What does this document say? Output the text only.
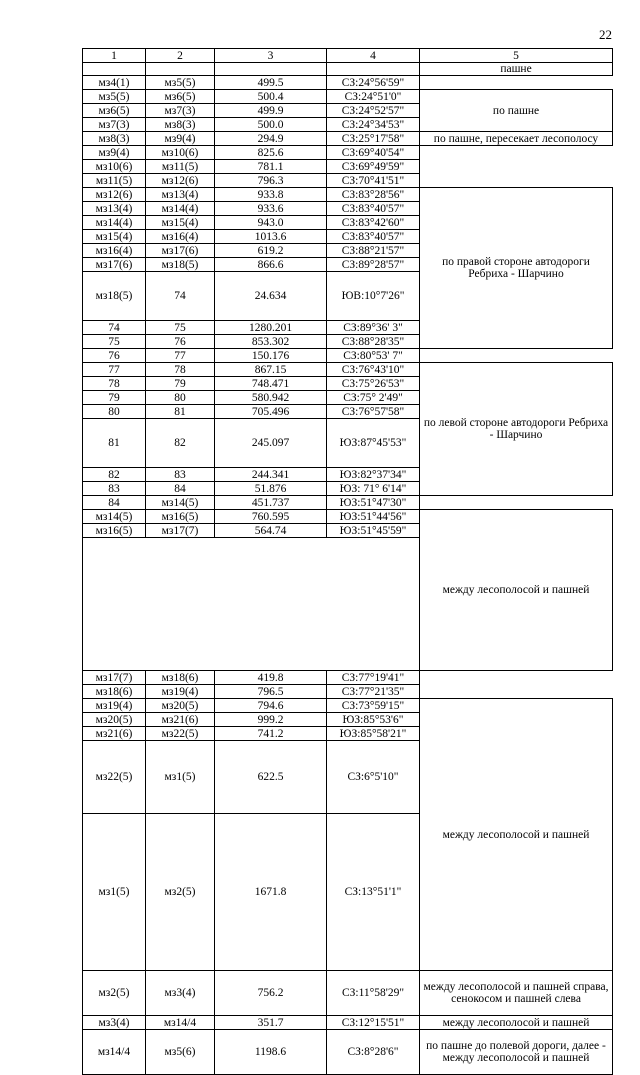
22
1	2	3	4	5	
				пашне	
мз4(1)	мз5(5)	499.5	СЗ:24°56'59"		
мз5(5)	мз6(5)	500.4	СЗ:24°51'0"	по пашне	
мз6(5)	мз7(3)	499.9	СЗ:24°52'57"		
мз7(3)	мз8(3)	500.0	СЗ:24°34'53"		
мз8(3)	мз9(4)	294.9	СЗ:25°17'58"	по пашне, пересекает лесополосу	
мз9(4)	мз10(6)	825.6	СЗ:69°40'54"		
мз10(6)	мз11(5)	781.1	СЗ:69°49'59"		
мз11(5)	мз12(6)	796.3	СЗ:70°41'51"		
мз12(6)	мз13(4)	933.8	СЗ:83°28'56"	по правой стороне автодороги Ребриха - Шарчино	
мз13(4)	мз14(4)	933.6	СЗ:83°40'57"		
мз14(4)	мз15(4)	943.0	СЗ:83°42'60"		
мз15(4)	мз16(4)	1013.6	СЗ:83°40'57"		
мз16(4)	мз17(6)	619.2	СЗ:88°21'57"		
мз17(6)	мз18(5)	866.6	СЗ:89°28'57"		
мз18(5)	74	24.634	ЮВ:10°7'26"	
74	75	1280.201	СЗ:89°36' 3"		
75	76	853.302	СЗ:88°28'35"		
76	77	150.176	СЗ:80°53' 7"		
77	78	867.15	СЗ:76°43'10"	по левой стороне автодороги Ребриха - Шарчино	
78	79	748.471	СЗ:75°26'53"		
79	80	580.942	СЗ:75° 2'49"		
80	81	705.496	СЗ:76°57'58"		
81	82	245.097	ЮЗ:87°45'53"	
82	83	244.341	ЮЗ:82°37'34"	
83	84	51.876	ЮЗ: 71° 6'14"		
84	мз14(5)	451.737	ЮЗ:51°47'30"		
мз14(5)	мз16(5)	760.595	ЮЗ:51°44'56"	между лесополосой и пашней	
мз16(5)	мз17(7)	564.74	ЮЗ:51°45'59"		

мз17(7)	мз18(6)	419.8	СЗ:77°19'41"		
мз18(6)	мз19(4)	796.5	СЗ:77°21'35"		
мз19(4)	мз20(5)	794.6	СЗ:73°59'15"	между лесополосой и пашней	
мз20(5)	мз21(6)	999.2	ЮЗ:85°53'6"		
мз21(6)	мз22(5)	741.2	ЮЗ:85°58'21"		
мз22(5)	мз1(5)	622.5	СЗ:6°5'10"	
мз1(5)	мз2(5)	1671.8	СЗ:13°51'1"	
мз2(5)	мз3(4)	756.2	СЗ:11°58'29"	между лесополосой и пашней справа, сенокосом и пашней слева	
мз3(4)	мз14/4	351.7	СЗ:12°15'51"	между лесополосой и пашней	
мз14/4	мз5(6)	1198.6	СЗ:8°28'6"	по пашне до полевой дороги, далее - между лесополосой и пашней	
